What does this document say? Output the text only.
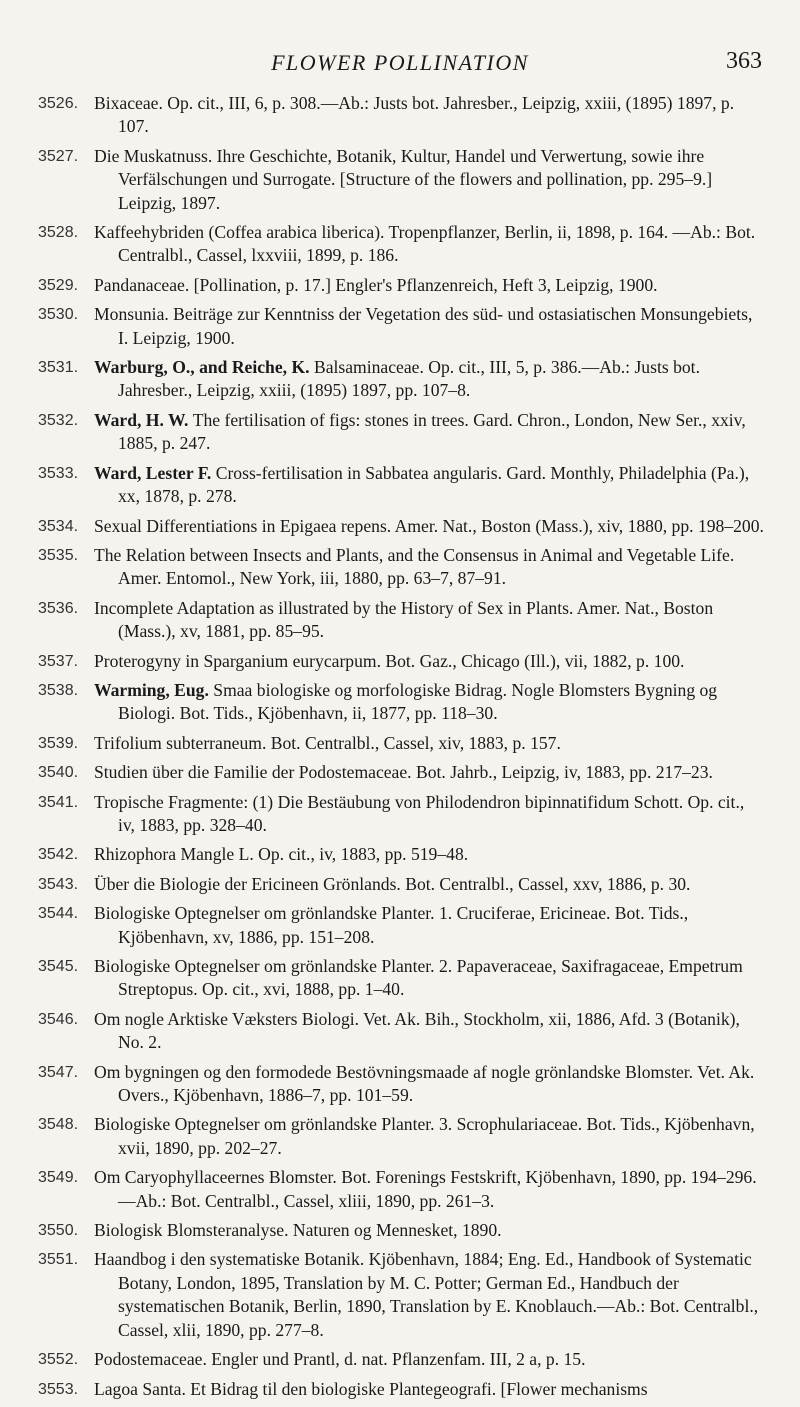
FLOWER POLLINATION	363
3526. Bixaceae. Op. cit., III, 6, p. 308.—Ab.: Justs bot. Jahresber., Leipzig, xxiii, (1895) 1897, p. 107.
3527. Die Muskatnuss. Ihre Geschichte, Botanik, Kultur, Handel und Verwertung, sowie ihre Verfälschungen und Surrogate. [Structure of the flowers and pollination, pp. 295–9.] Leipzig, 1897.
3528. Kaffeehybriden (Coffea arabica liberica). Tropenpflanzer, Berlin, ii, 1898, p. 164. —Ab.: Bot. Centralbl., Cassel, lxxviii, 1899, p. 186.
3529. Pandanaceae. [Pollination, p. 17.] Engler's Pflanzenreich, Heft 3, Leipzig, 1900.
3530. Monsunia. Beiträge zur Kenntniss der Vegetation des süd- und ostasiatischen Monsungebiets, I. Leipzig, 1900.
3531. Warburg, O., and Reiche, K. Balsaminaceae. Op. cit., III, 5, p. 386.—Ab.: Justs bot. Jahresber., Leipzig, xxiii, (1895) 1897, pp. 107–8.
3532. Ward, H. W. The fertilisation of figs: stones in trees. Gard. Chron., London, New Ser., xxiv, 1885, p. 247.
3533. Ward, Lester F. Cross-fertilisation in Sabbatea angularis. Gard. Monthly, Philadelphia (Pa.), xx, 1878, p. 278.
3534. Sexual Differentiations in Epigaea repens. Amer. Nat., Boston (Mass.), xiv, 1880, pp. 198–200.
3535. The Relation between Insects and Plants, and the Consensus in Animal and Vegetable Life. Amer. Entomol., New York, iii, 1880, pp. 63–7, 87–91.
3536. Incomplete Adaptation as illustrated by the History of Sex in Plants. Amer. Nat., Boston (Mass.), xv, 1881, pp. 85–95.
3537. Proterogyny in Sparganium eurycarpum. Bot. Gaz., Chicago (Ill.), vii, 1882, p. 100.
3538. Warming, Eug. Smaa biologiske og morfologiske Bidrag. Nogle Blomsters Bygning og Biologi. Bot. Tids., Kjöbenhavn, ii, 1877, pp. 118–30.
3539. Trifolium subterraneum. Bot. Centralbl., Cassel, xiv, 1883, p. 157.
3540. Studien über die Familie der Podostemaceae. Bot. Jahrb., Leipzig, iv, 1883, pp. 217–23.
3541. Tropische Fragmente: (1) Die Bestäubung von Philodendron bipinnatifidum Schott. Op. cit., iv, 1883, pp. 328–40.
3542. Rhizophora Mangle L. Op. cit., iv, 1883, pp. 519–48.
3543. Über die Biologie der Ericineen Grönlands. Bot. Centralbl., Cassel, xxv, 1886, p. 30.
3544. Biologiske Optegnelser om grönlandske Planter. 1. Cruciferae, Ericineae. Bot. Tids., Kjöbenhavn, xv, 1886, pp. 151–208.
3545. Biologiske Optegnelser om grönlandske Planter. 2. Papaveraceae, Saxifragaceae, Empetrum Streptopus. Op. cit., xvi, 1888, pp. 1–40.
3546. Om nogle Arktiske Væksters Biologi. Vet. Ak. Bih., Stockholm, xii, 1886, Afd. 3 (Botanik), No. 2.
3547. Om bygningen og den formodede Bestövningsmaade af nogle grönlandske Blomster. Vet. Ak. Overs., Kjöbenhavn, 1886–7, pp. 101–59.
3548. Biologiske Optegnelser om grönlandske Planter. 3. Scrophulariaceae. Bot. Tids., Kjöbenhavn, xvii, 1890, pp. 202–27.
3549. Om Caryophyllaceernes Blomster. Bot. Forenings Festskrift, Kjöbenhavn, 1890, pp. 194–296.—Ab.: Bot. Centralbl., Cassel, xliii, 1890, pp. 261–3.
3550. Biologisk Blomsteranalyse. Naturen og Mennesket, 1890.
3551. Haandbog i den systematiske Botanik. Kjöbenhavn, 1884; Eng. Ed., Handbook of Systematic Botany, London, 1895, Translation by M. C. Potter; German Ed., Handbuch der systematischen Botanik, Berlin, 1890, Translation by E. Knoblauch.—Ab.: Bot. Centralbl., Cassel, xlii, 1890, pp. 277–8.
3552. Podostemaceae. Engler und Prantl, d. nat. Pflanzenfam. III, 2 a, p. 15.
3553. Lagoa Santa. Et Bidrag til den biologiske Plantegeografi. [Flower mechanisms
